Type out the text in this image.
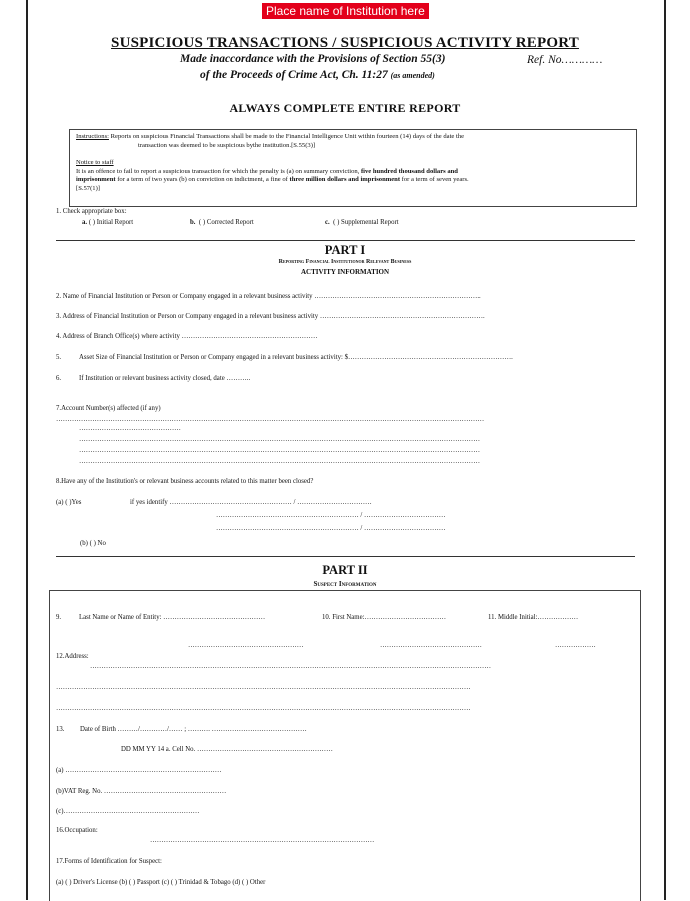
Place name of Institution here
SUSPICIOUS TRANSACTIONS / SUSPICIOUS ACTIVITY REPORT
Made inaccordance with the Provisions of Section 55(3)	Ref. No…………
of the Proceeds of Crime Act, Ch. 11:27 (as amended)
ALWAYS COMPLETE ENTIRE REPORT

Instructions: Reports on suspicious Financial Transactions shall be made to the Financial Intelligence Unit within fourteen (14) days of the date the

transaction was deemed to be suspicious bythe institution.[S.55(3)]

Notice to staff

It is an offence to fail to report a suspicious transaction for which the penalty is (a) on summary conviction, five hundred thousand dollars and

imprisonment for a term of two years (b) on conviction on indictment, a fine of three million dollars and imprisonment for a term of seven years.

[S.57(1)]

1. Check appropriate box:
a. ( ) Initial Report	b. ( ) Corrected Report	c. ( ) Supplemental Report
PART I
Reporting Financial Institutionor Relevant Business
ACTIVITY INFORMATION
2. Name of Financial Institution or Person or Company engaged in a relevant business activity ………………………………………………………………..
3. Address of Financial Institution or Person or Company engaged in a relevant business activity ……………………………………………………………….
4. Address of Branch Office(s) where activity ……………………………………………………
5.	Asset Size of Financial Institution or Person or Company engaged in a relevant business activity: $……………………………………………………………….
6.	If Institution or relevant business activity closed, date ………..
7.Account Number(s) affected (if any)
………………………………………………………………………………………………………………………………………………………………………
………………………………………
……………………………………………………………………………………………………………………………………………………………
……………………………………………………………………………………………………………………………………………………………
……………………………………………………………………………………………………………………………………………………………
8.Have any of the Institution's or relevant business accounts related to this matter been closed?
(a) ( )Yes	if yes identify ……………………………………………… / ……………………………
……………………………………………………… / ………………………………
……………………………………………………… / ………………………………
(b) ( ) No
PART II
Suspect Information
9.	Last Name or Name of Entity: ………………………………………	10. First Name:………………………………	11. Middle Initial:………………
……………………………………………	………………………………………	………………
12.Address:
……………………………………………………………………………………………………………………………………………………………
…………………………………………………………………………………………………………………………………………………………………
…………………………………………………………………………………………………………………………………………………………………
13. Date of Birth ………/…………/…… ; ………. ……………………………………
DD MM YY 14 a. Cell No. ……………………………………………………
(a) ……………………………………………………………
(b)VAT Reg. No. ………………………………………………
(c)……………………………………………………
16.Occupation:
………………………………………………………………………………………
17.Forms of Identification for Suspect:
(a) ( ) Driver's License (b) ( ) Passport (c) ( ) Trinidad & Tobago (d) ( ) Other
